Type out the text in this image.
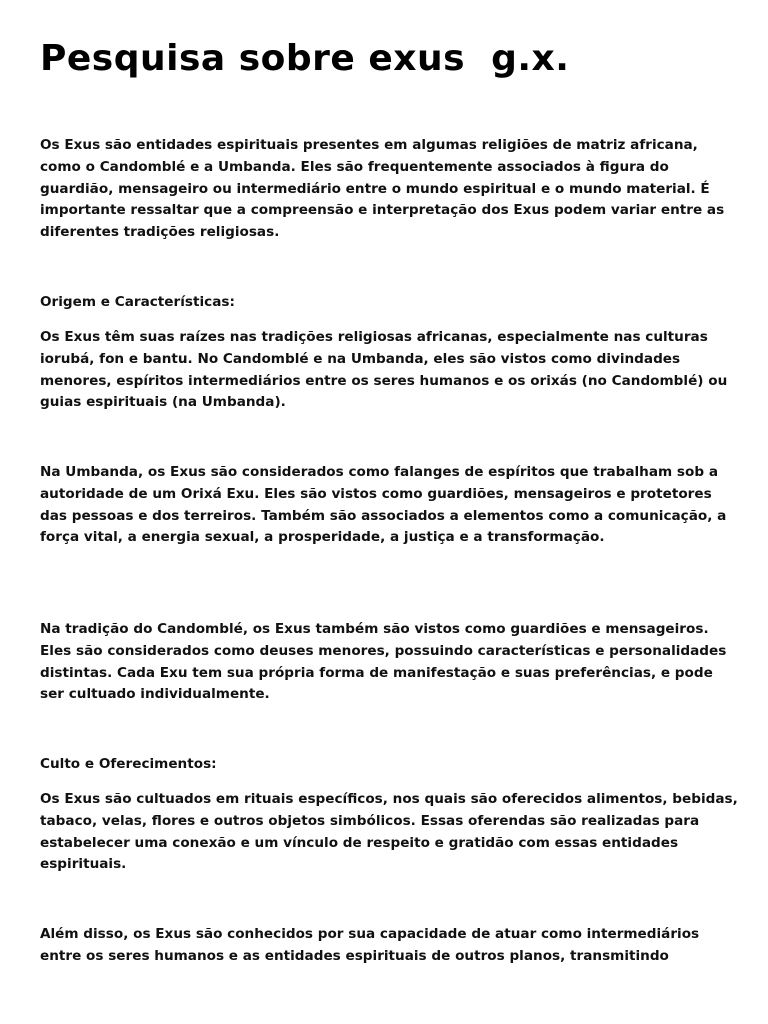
Pesquisa sobre exus  g.x.

Os Exus são entidades espirituais presentes em algumas religiões de matriz africana, como o Candomblé e a Umbanda. Eles são frequentemente associados à figura do guardião, mensageiro ou intermediário entre o mundo espiritual e o mundo material. É importante ressaltar que a compreensão e interpretação dos Exus podem variar entre as diferentes tradições religiosas.

Origem e Características:

Os Exus têm suas raízes nas tradições religiosas africanas, especialmente nas culturas iorubá, fon e bantu. No Candomblé e na Umbanda, eles são vistos como divindades menores, espíritos intermediários entre os seres humanos e os orixás (no Candomblé) ou guias espirituais (na Umbanda).

Na Umbanda, os Exus são considerados como falanges de espíritos que trabalham sob a autoridade de um Orixá Exu. Eles são vistos como guardiões, mensageiros e protetores das pessoas e dos terreiros. Também são associados a elementos como a comunicação, a força vital, a energia sexual, a prosperidade, a justiça e a transformação.

Na tradição do Candomblé, os Exus também são vistos como guardiões e mensageiros. Eles são considerados como deuses menores, possuindo características e personalidades distintas. Cada Exu tem sua própria forma de manifestação e suas preferências, e pode ser cultuado individualmente.

Culto e Oferecimentos:

Os Exus são cultuados em rituais específicos, nos quais são oferecidos alimentos, bebidas, tabaco, velas, flores e outros objetos simbólicos. Essas oferendas são realizadas para estabelecer uma conexão e um vínculo de respeito e gratidão com essas entidades espirituais.

Além disso, os Exus são conhecidos por sua capacidade de atuar como intermediários entre os seres humanos e as entidades espirituais de outros planos, transmitindo
